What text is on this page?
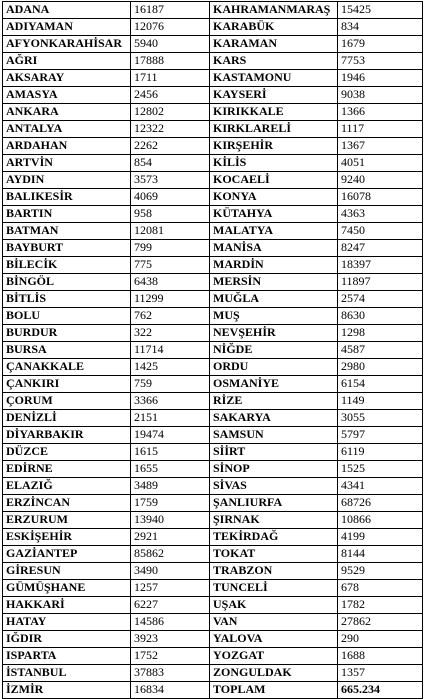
ADANA	16187	KAHRAMANMARAŞ	15425
ADIYAMAN	12076	KARABÜK	834
AFYONKARAHİSAR	5940	KARAMAN	1679
AĞRI	17888	KARS	7753
AKSARAY	1711	KASTAMONU	1946
AMASYA	2456	KAYSERİ	9038
ANKARA	12802	KIRIKKALE	1366
ANTALYA	12322	KIRKLARELİ	1117
ARDAHAN	2262	KIRŞEHİR	1367
ARTVİN	854	KİLİS	4051
AYDIN	3573	KOCAELİ	9240
BALIKESİR	4069	KONYA	16078
BARTIN	958	KÜTAHYA	4363
BATMAN	12081	MALATYA	7450
BAYBURT	799	MANİSA	8247
BİLECİK	775	MARDİN	18397
BİNGÖL	6438	MERSİN	11897
BİTLİS	11299	MUĞLA	2574
BOLU	762	MUŞ	8630
BURDUR	322	NEVŞEHİR	1298
BURSA	11714	NİĞDE	4587
ÇANAKKALE	1425	ORDU	2980
ÇANKIRI	759	OSMANİYE	6154
ÇORUM	3366	RİZE	1149
DENİZLİ	2151	SAKARYA	3055
DİYARBAKIR	19474	SAMSUN	5797
DÜZCE	1615	SİİRT	6119
EDİRNE	1655	SİNOP	1525
ELAZIĞ	3489	SİVAS	4341
ERZİNCAN	1759	ŞANLIURFA	68726
ERZURUM	13940	ŞIRNAK	10866
ESKİŞEHİR	2921	TEKİRDAĞ	4199
GAZİANTEP	85862	TOKAT	8144
GİRESUN	3490	TRABZON	9529
GÜMÜŞHANE	1257	TUNCELİ	678
HAKKARİ	6227	UŞAK	1782
HATAY	14586	VAN	27862
IĞDIR	3923	YALOVA	290
ISPARTA	1752	YOZGAT	1688
İSTANBUL	37883	ZONGULDAK	1357
İZMİR	16834	TOPLAM	665.234
